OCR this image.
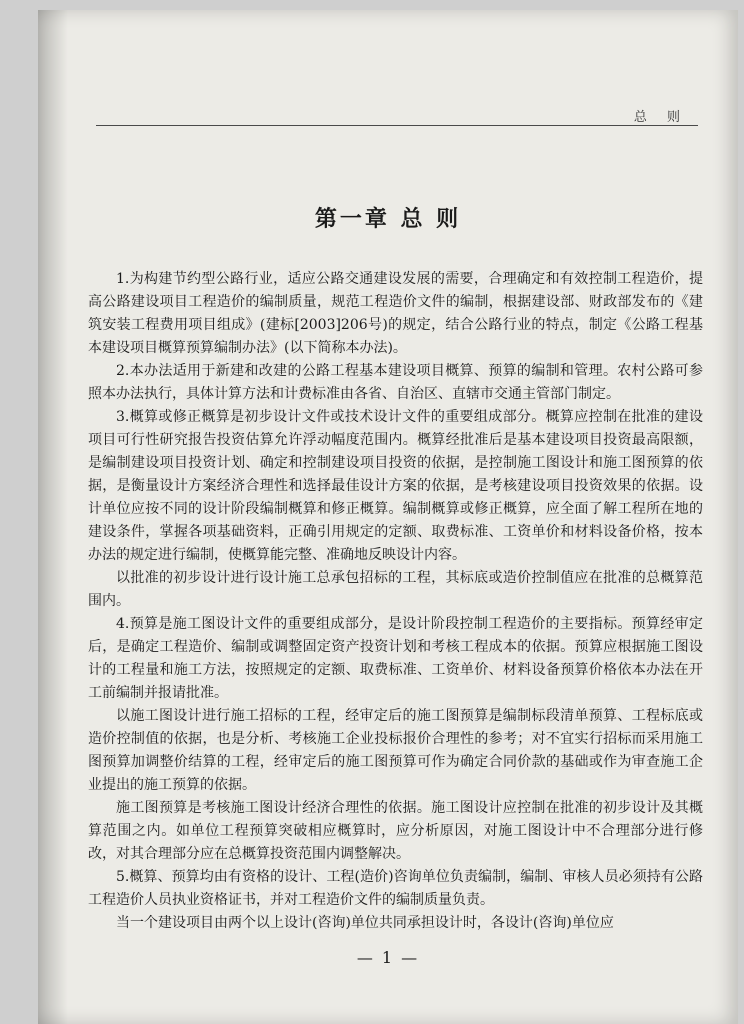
总 则
第一章 总 则

1.为构建节约型公路行业，适应公路交通建设发展的需要，合理确定和有效控制工程造价，提高公路建设项目工程造价的编制质量，规范工程造价文件的编制，根据建设部、财政部发布的《建筑安装工程费用项目组成》(建标[2003]206号)的规定，结合公路行业的特点，制定《公路工程基本建设项目概算预算编制办法》(以下简称本办法)。

2.本办法适用于新建和改建的公路工程基本建设项目概算、预算的编制和管理。农村公路可参照本办法执行，具体计算方法和计费标准由各省、自治区、直辖市交通主管部门制定。

3.概算或修正概算是初步设计文件或技术设计文件的重要组成部分。概算应控制在批准的建设项目可行性研究报告投资估算允许浮动幅度范围内。概算经批准后是基本建设项目投资最高限额，是编制建设项目投资计划、确定和控制建设项目投资的依据，是控制施工图设计和施工图预算的依据，是衡量设计方案经济合理性和选择最佳设计方案的依据，是考核建设项目投资效果的依据。设计单位应按不同的设计阶段编制概算和修正概算。编制概算或修正概算，应全面了解工程所在地的建设条件，掌握各项基础资料，正确引用规定的定额、取费标准、工资单价和材料设备价格，按本办法的规定进行编制，使概算能完整、准确地反映设计内容。

以批准的初步设计进行设计施工总承包招标的工程，其标底或造价控制值应在批准的总概算范围内。

4.预算是施工图设计文件的重要组成部分，是设计阶段控制工程造价的主要指标。预算经审定后，是确定工程造价、编制或调整固定资产投资计划和考核工程成本的依据。预算应根据施工图设计的工程量和施工方法，按照规定的定额、取费标准、工资单价、材料设备预算价格依本办法在开工前编制并报请批准。

以施工图设计进行施工招标的工程，经审定后的施工图预算是编制标段清单预算、工程标底或造价控制值的依据，也是分析、考核施工企业投标报价合理性的参考；对不宜实行招标而采用施工图预算加调整价结算的工程，经审定后的施工图预算可作为确定合同价款的基础或作为审查施工企业提出的施工预算的依据。

施工图预算是考核施工图设计经济合理性的依据。施工图设计应控制在批准的初步设计及其概算范围之内。如单位工程预算突破相应概算时，应分析原因，对施工图设计中不合理部分进行修改，对其合理部分应在总概算投资范围内调整解决。

5.概算、预算均由有资格的设计、工程(造价)咨询单位负责编制，编制、审核人员必须持有公路工程造价人员执业资格证书，并对工程造价文件的编制质量负责。

当一个建设项目由两个以上设计(咨询)单位共同承担设计时，各设计(咨询)单位应

— 1 —
